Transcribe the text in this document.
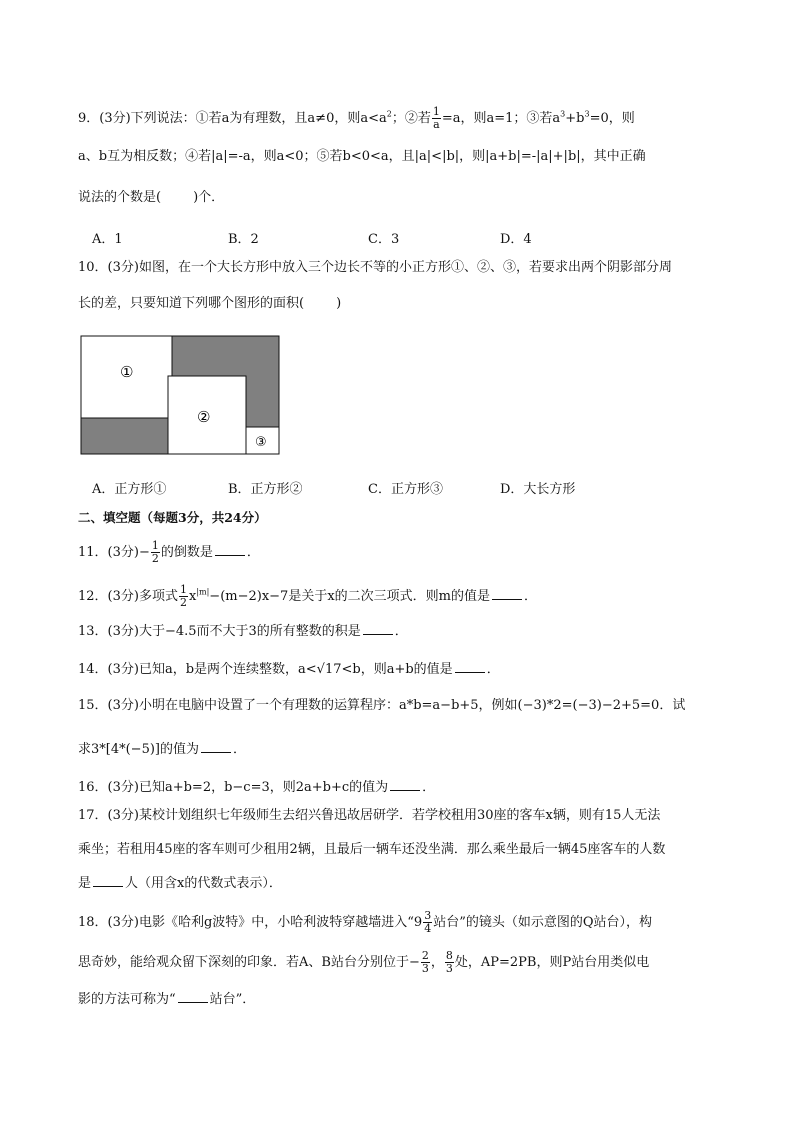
9．(3分)下列说法：①若a为有理数，且a≠0，则$a<a^2$；②若 $\frac{1}{a} =a$，则a=1；③若$a^3+b^3=0$，则
a、b互为相反数；④若|a|=-a，则a<0；⑤若b<0<a，且|a|<|b|，则|a+b|=-|a|+|b|，其中正确
说法的个数是( )个．
A．1	B．2	C．3	D．4
10．(3分)如图，在一个大长方形中放入三个边长不等的小正方形①、②、③，若要求出两个阴影部分周
长的差，只要知道下列哪个图形的面积( )
①
②
③
A．正方形①	B．正方形②	C．正方形③	D．大长方形
二、填空题（每题3分，共24分）
11．(3分)− $\frac{1}{2}$ 的倒数是	．
12．(3分)多项式 $\frac{1}{2} x^{|m|}-(m-2)x-7$是关于x的二次三项式．则m的值是	．
13．(3分)大于−4.5而不大于3的所有整数的积是	．
14．(3分)已知a，b是两个连续整数，a<√17<b，则a+b的值是	．
15．(3分)小明在电脑中设置了一个有理数的运算程序：a*b=a−b+5，例如(−3)*2=(−3)−2+5=0．试
求3*[4*(−5)]的值为	．
16．(3分)已知a+b=2，b−c=3，则2a+b+c的值为	．
17．(3分)某校计划组织七年级师生去绍兴鲁迅故居研学．若学校租用30座的客车x辆，则有15人无法
乘坐；若租用45座的客车则可少租用2辆，且最后一辆车还没坐满．那么乘坐最后一辆45座客车的人数
是	人（用含x的代数式表示）．
18．(3分)电影《哈利g波特》中，小哈利波特穿越墙进入“$9 \frac{3}{4}$ 站台”的镜头（如示意图的Q站台），构
思奇妙，能给观众留下深刻的印象．若A、B站台分别位于− $\frac{2}{3}$ ， $\frac{8}{3}$ 处，AP=2PB，则P站台用类似电
影的方法可称为“	站台”．
